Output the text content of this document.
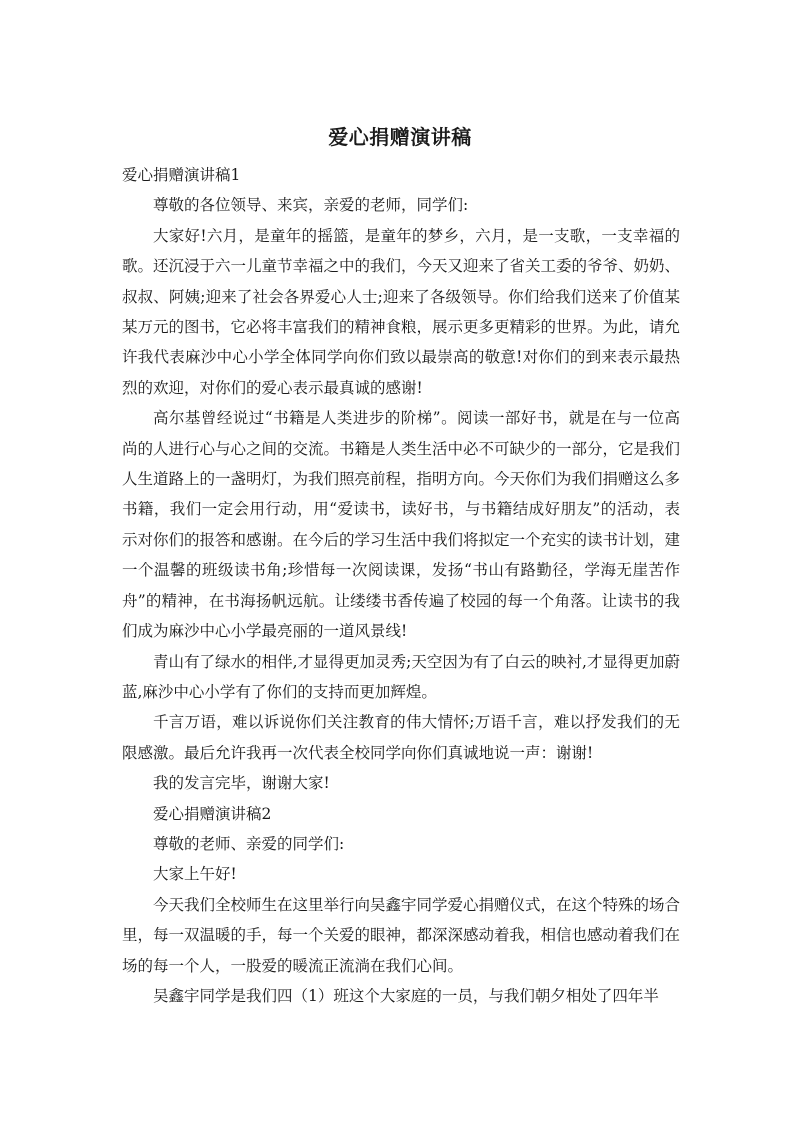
爱心捐赠演讲稿

爱心捐赠演讲稿1

尊敬的各位领导、来宾，亲爱的老师，同学们:

大家好!六月，是童年的摇篮，是童年的梦乡，六月，是一支歌，一支幸福的歌。还沉浸于六一儿童节幸福之中的我们，今天又迎来了省关工委的爷爷、奶奶、叔叔、阿姨;迎来了社会各界爱心人士;迎来了各级领导。你们给我们送来了价值某某万元的图书，它必将丰富我们的精神食粮，展示更多更精彩的世界。为此，请允许我代表麻沙中心小学全体同学向你们致以最崇高的敬意!对你们的到来表示最热烈的欢迎，对你们的爱心表示最真诚的感谢!

高尔基曾经说过“书籍是人类进步的阶梯”。阅读一部好书，就是在与一位高尚的人进行心与心之间的交流。书籍是人类生活中必不可缺少的一部分，它是我们人生道路上的一盏明灯，为我们照亮前程，指明方向。今天你们为我们捐赠这么多书籍，我们一定会用行动，用“爱读书，读好书，与书籍结成好朋友”的活动，表示对你们的报答和感谢。在今后的学习生活中我们将拟定一个充实的读书计划，建一个温馨的班级读书角;珍惜每一次阅读课，发扬“书山有路勤径，学海无崖苦作舟”的精神，在书海扬帆远航。让缕缕书香传遍了校园的每一个角落。让读书的我们成为麻沙中心小学最亮丽的一道风景线!

青山有了绿水的相伴,才显得更加灵秀;天空因为有了白云的映衬,才显得更加蔚蓝,麻沙中心小学有了你们的支持而更加辉煌。

千言万语，难以诉说你们关注教育的伟大情怀;万语千言，难以抒发我们的无限感激。最后允许我再一次代表全校同学向你们真诚地说一声：谢谢!

我的发言完毕，谢谢大家!

爱心捐赠演讲稿2

尊敬的老师、亲爱的同学们:

大家上午好!

今天我们全校师生在这里举行向吴鑫宇同学爱心捐赠仪式，在这个特殊的场合里，每一双温暖的手，每一个关爱的眼神，都深深感动着我，相信也感动着我们在场的每一个人，一股爱的暖流正流淌在我们心间。

吴鑫宇同学是我们四（1）班这个大家庭的一员，与我们朝夕相处了四年半
